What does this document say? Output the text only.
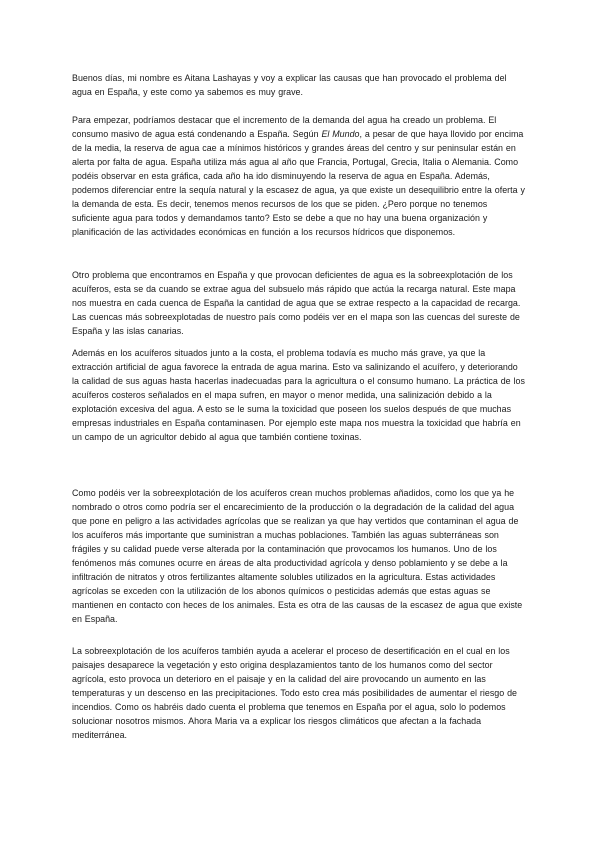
Buenos días, mi nombre es Aitana Lashayas y voy a explicar las causas que han provocado el problema del agua en España, y este como ya sabemos es muy grave.

Para empezar, podríamos destacar que el incremento de la demanda del agua ha creado un problema. El consumo masivo de agua está condenando a España. Según El Mundo, a pesar de que haya llovido por encima de la media, la reserva de agua cae a mínimos históricos y grandes áreas del centro y sur peninsular están en alerta por falta de agua. España utiliza más agua al año que Francia, Portugal, Grecia, Italia o Alemania. Como podéis observar en esta gráfica, cada año ha ido disminuyendo la reserva de agua en España. Además, podemos diferenciar entre la sequía natural y la escasez de agua, ya que existe un desequilibrio entre la oferta y la demanda de esta. Es decir, tenemos menos recursos de los que se piden. ¿Pero porque no tenemos suficiente agua para todos y demandamos tanto? Esto se debe a que no hay una buena organización y planificación de las actividades económicas en función a los recursos hídricos que disponemos.

Otro problema que encontramos en España y que provocan deficientes de agua es la sobreexplotación de los acuíferos, esta se da cuando se extrae agua del subsuelo más rápido que actúa la recarga natural. Este mapa nos muestra en cada cuenca de España la cantidad de agua que se extrae respecto a la capacidad de recarga. Las cuencas más sobreexplotadas de nuestro país como podéis ver en el mapa son las cuencas del sureste de España y las islas canarias.

Además en los acuíferos situados junto a la costa, el problema todavía es mucho más grave, ya que la extracción artificial de agua favorece la entrada de agua marina. Esto va salinizando el acuífero, y deteriorando la calidad de sus aguas hasta hacerlas inadecuadas para la agricultura o el consumo humano. La práctica de los acuíferos costeros señalados en el mapa sufren, en mayor o menor medida, una salinización debido a la explotación excesiva del agua. A esto se le suma la toxicidad que poseen los suelos después de que muchas empresas industriales en España contaminasen. Por ejemplo este mapa nos muestra la toxicidad que habría en un campo de un agricultor debido al agua que también contiene toxinas.

Como podéis ver la sobreexplotación de los acuíferos crean muchos problemas añadidos, como los que ya he nombrado o otros como podría ser el encarecimiento de la producción o la degradación de la calidad del agua que pone en peligro a las actividades agrícolas que se realizan ya que hay vertidos que contaminan el agua de los acuíferos más importante que suministran a muchas poblaciones. También las aguas subterráneas son frágiles y su calidad puede verse alterada por la contaminación que provocamos los humanos. Uno de los fenómenos más comunes ocurre en áreas de alta productividad agrícola y denso poblamiento y se debe a la infiltración de nitratos y otros fertilizantes altamente solubles utilizados en la agricultura. Estas actividades agrícolas se exceden con la utilización de los abonos químicos o pesticidas además que estas aguas se mantienen en contacto con heces de los animales. Esta es otra de las causas de la escasez de agua que existe en España.

La sobreexplotación de los acuíferos también ayuda a acelerar el proceso de desertificación en el cual en los paisajes desaparece la vegetación y esto origina desplazamientos tanto de los humanos como del sector agrícola, esto provoca un deterioro en el paisaje y en la calidad del aire provocando un aumento en las temperaturas y un descenso en las precipitaciones. Todo esto crea más posibilidades de aumentar el riesgo de incendios. Como os habréis dado cuenta el problema que tenemos en España por el agua, solo lo podemos solucionar nosotros mismos. Ahora Maria va a explicar los riesgos climáticos que afectan a la fachada mediterránea.
